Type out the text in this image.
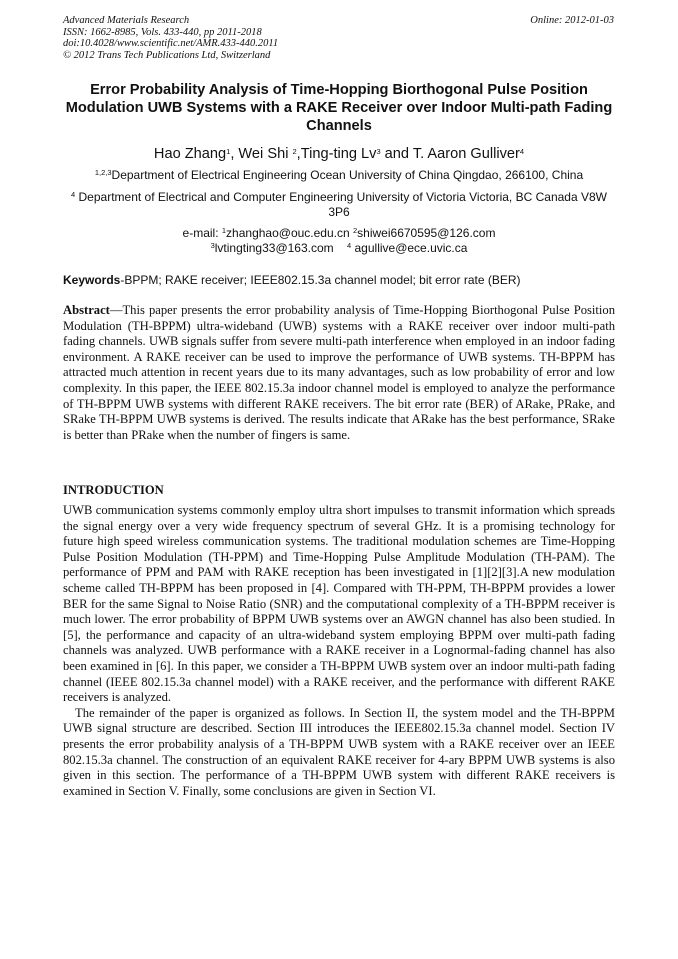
Advanced Materials Research
ISSN: 1662-8985, Vols. 433-440, pp 2011-2018
doi:10.4028/www.scientific.net/AMR.433-440.2011
© 2012 Trans Tech Publications Ltd, Switzerland
Online: 2012-01-03
Error Probability Analysis of Time-Hopping Biorthogonal Pulse Position Modulation UWB Systems with a RAKE Receiver over Indoor Multi-path Fading Channels
Hao Zhang$^1$, Wei Shi $^2$,Ting-ting Lv$^3$ and T. Aaron Gulliver$^4$
$^{1,2,3}$Department of Electrical Engineering Ocean University of China Qingdao, 266100, China
$^4$ Department of Electrical and Computer Engineering University of Victoria Victoria, BC Canada V8W 3P6
e-mail: $^1$zhanghao@ouc.edu.cn $^2$shiwei6670595@126.com
$^3$lvtingting33@163.com    $^4$ agullive@ece.uvic.ca
Keywords-BPPM; RAKE receiver; IEEE802.15.3a channel model; bit error rate (BER)
Abstract—This paper presents the error probability analysis of Time-Hopping Biorthogonal Pulse Position Modulation (TH-BPPM) ultra-wideband (UWB) systems with a RAKE receiver over indoor multi-path fading channels. UWB signals suffer from severe multi-path interference when employed in an indoor fading environment. A RAKE receiver can be used to improve the performance of UWB systems. TH-BPPM has attracted much attention in recent years due to its many advantages, such as low probability of error and low complexity. In this paper, the IEEE 802.15.3a indoor channel model is employed to analyze the performance of TH-BPPM UWB systems with different RAKE receivers. The bit error rate (BER) of ARake, PRake, and SRake TH-BPPM UWB systems is derived. The results indicate that ARake has the best performance, SRake is better than PRake when the number of fingers is same.
INTRODUCTION

UWB communication systems commonly employ ultra short impulses to transmit information which spreads the signal energy over a very wide frequency spectrum of several GHz. It is a promising technology for future high speed wireless communication systems. The traditional modulation schemes are Time-Hopping Pulse Position Modulation (TH-PPM) and Time-Hopping Pulse Amplitude Modulation (TH-PAM). The performance of PPM and PAM with RAKE reception has been investigated in [1][2][3].A new modulation scheme called TH-BPPM has been proposed in [4]. Compared with TH-PPM, TH-BPPM provides a lower BER for the same Signal to Noise Ratio (SNR) and the computational complexity of a TH-BPPM receiver is much lower. The error probability of BPPM UWB systems over an AWGN channel has also been studied. In [5], the performance and capacity of an ultra-wideband system employing BPPM over multi-path fading channels was analyzed. UWB performance with a RAKE receiver in a Lognormal-fading channel has also been examined in [6]. In this paper, we consider a TH-BPPM UWB system over an indoor multi-path fading channel (IEEE 802.15.3a channel model) with a RAKE receiver, and the performance with different RAKE receivers is analyzed.

The remainder of the paper is organized as follows. In Section II, the system model and the TH-BPPM UWB signal structure are described. Section III introduces the IEEE802.15.3a channel model. Section IV presents the error probability analysis of a TH-BPPM UWB system with a RAKE receiver over an IEEE 802.15.3a channel. The construction of an equivalent RAKE receiver for 4-ary BPPM UWB systems is also given in this section. The performance of a TH-BPPM UWB system with different RAKE receivers is examined in Section V. Finally, some conclusions are given in Section VI.
